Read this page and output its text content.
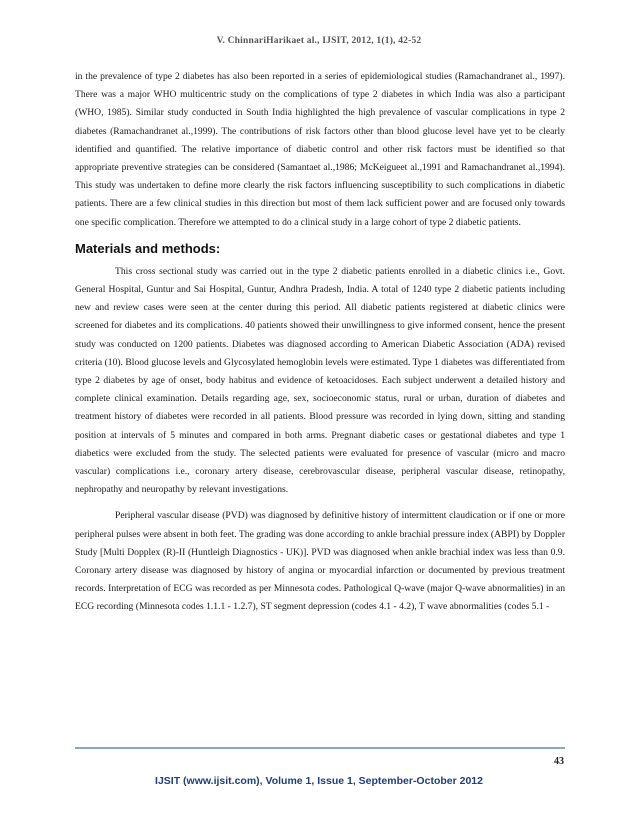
V. ChinnariHarikaet al., IJSIT, 2012, 1(1), 42-52

in the prevalence of type 2 diabetes has also been reported in a series of epidemiological studies (Ramachandranet al., 1997). There was a major WHO multicentric study on the complications of type 2 diabetes in which India was also a participant (WHO, 1985). Similar study conducted in South India highlighted the high prevalence of vascular complications in type 2 diabetes (Ramachandranet al.,1999). The contributions of risk factors other than blood glucose level have yet to be clearly identified and quantified. The relative importance of diabetic control and other risk factors must be identified so that appropriate preventive strategies can be considered (Samantaet al.,1986; McKeigueet al.,1991 and Ramachandranet al.,1994). This study was undertaken to define more clearly the risk factors influencing susceptibility to such complications in diabetic patients. There are a few clinical studies in this direction but most of them lack sufficient power and are focused only towards one specific complication. Therefore we attempted to do a clinical study in a large cohort of type 2 diabetic patients.

Materials and methods:

This cross sectional study was carried out in the type 2 diabetic patients enrolled in a diabetic clinics i.e., Govt. General Hospital, Guntur and Sai Hospital, Guntur, Andhra Pradesh, India. A total of 1240 type 2 diabetic patients including new and review cases were seen at the center during this period. All diabetic patients registered at diabetic clinics were screened for diabetes and its complications. 40 patients showed their unwillingness to give informed consent, hence the present study was conducted on 1200 patients. Diabetes was diagnosed according to American Diabetic Association (ADA) revised criteria (10). Blood glucose levels and Glycosylated hemoglobin levels were estimated. Type 1 diabetes was differentiated from type 2 diabetes by age of onset, body habitus and evidence of ketoacidoses. Each subject underwent a detailed history and complete clinical examination. Details regarding age, sex, socioeconomic status, rural or urban, duration of diabetes and treatment history of diabetes were recorded in all patients. Blood pressure was recorded in lying down, sitting and standing position at intervals of 5 minutes and compared in both arms. Pregnant diabetic cases or gestational diabetes and type 1 diabetics were excluded from the study. The selected patients were evaluated for presence of vascular (micro and macro vascular) complications i.e., coronary artery disease, cerebrovascular disease, peripheral vascular disease, retinopathy, nephropathy and neuropathy by relevant investigations.

Peripheral vascular disease (PVD) was diagnosed by definitive history of intermittent claudication or if one or more peripheral pulses were absent in both feet. The grading was done according to ankle brachial pressure index (ABPI) by Doppler Study [Multi Dopplex (R)-II (Huntleigh Diagnostics - UK)]. PVD was diagnosed when ankle brachial index was less than 0.9. Coronary artery disease was diagnosed by history of angina or myocardial infarction or documented by previous treatment records. Interpretation of ECG was recorded as per Minnesota codes. Pathological Q-wave (major Q-wave abnormalities) in an ECG recording (Minnesota codes 1.1.1 - 1.2.7), ST segment depression (codes 4.1 - 4.2), T wave abnormalities (codes 5.1 -

43
IJSIT (www.ijsit.com), Volume 1, Issue 1, September-October 2012
